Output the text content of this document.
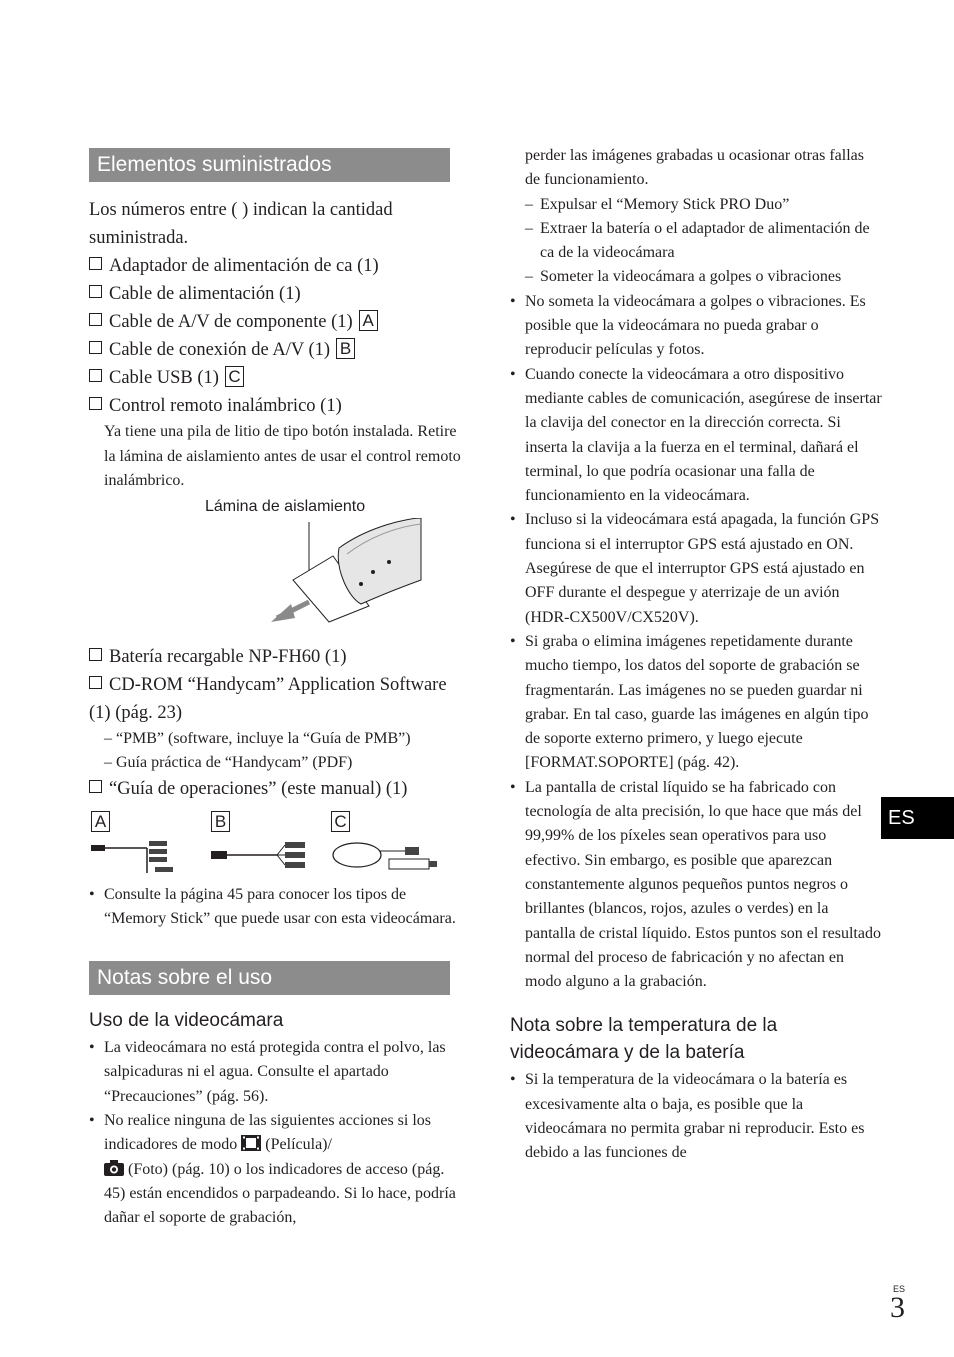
Elementos suministrados
Los números entre ( ) indican la cantidad suministrada.
Adaptador de alimentación de ca (1)
Cable de alimentación (1)
Cable de A/V de componente (1) A
Cable de conexión de A/V (1) B
Cable USB (1) C
Control remoto inalámbrico (1)
Ya tiene una pila de litio de tipo botón instalada. Retire la lámina de aislamiento antes de usar el control remoto inalámbrico.
Lámina de aislamiento
Batería recargable NP-FH60 (1)
CD-ROM “Handycam” Application Software (1) (pág. 23)
– “PMB” (software, incluye la “Guía de PMB”)
– Guía práctica de “Handycam” (PDF)
“Guía de operaciones” (este manual) (1)
A	B	C
• Consulte la página 45 para conocer los tipos de “Memory Stick” que puede usar con esta videocámara.
Notas sobre el uso
Uso de la videocámara
• La videocámara no está protegida contra el polvo, las salpicaduras ni el agua. Consulte el apartado “Precauciones” (pág. 56).
• No realice ninguna de las siguientes acciones si los indicadores de modo (Película)/
(Foto) (pág. 10) o los indicadores de acceso (pág. 45) están encendidos o parpadeando. Si lo hace, podría dañar el soporte de grabación,
perder las imágenes grabadas u ocasionar otras fallas de funcionamiento.
– Expulsar el “Memory Stick PRO Duo”
– Extraer la batería o el adaptador de alimentación de ca de la videocámara
– Someter la videocámara a golpes o vibraciones
• No someta la videocámara a golpes o vibraciones. Es posible que la videocámara no pueda grabar o reproducir películas y fotos.
• Cuando conecte la videocámara a otro dispositivo mediante cables de comunicación, asegúrese de insertar la clavija del conector en la dirección correcta. Si inserta la clavija a la fuerza en el terminal, dañará el terminal, lo que podría ocasionar una falla de funcionamiento en la videocámara.
• Incluso si la videocámara está apagada, la función GPS funciona si el interruptor GPS está ajustado en ON. Asegúrese de que el interruptor GPS está ajustado en OFF durante el despegue y aterrizaje de un avión (HDR-CX500V/CX520V).
• Si graba o elimina imágenes repetidamente durante mucho tiempo, los datos del soporte de grabación se fragmentarán. Las imágenes no se pueden guardar ni grabar. En tal caso, guarde las imágenes en algún tipo de soporte externo primero, y luego ejecute [FORMAT.SOPORTE] (pág. 42).
• La pantalla de cristal líquido se ha fabricado con tecnología de alta precisión, lo que hace que más del 99,99% de los píxeles sean operativos para uso efectivo. Sin embargo, es posible que aparezcan constantemente algunos pequeños puntos negros o brillantes (blancos, rojos, azules o verdes) en la pantalla de cristal líquido. Estos puntos son el resultado normal del proceso de fabricación y no afectan en modo alguno a la grabación.
Nota sobre la temperatura de la videocámara y de la batería
• Si la temperatura de la videocámara o la batería es excesivamente alta o baja, es posible que la videocámara no permita grabar ni reproducir. Esto es debido a las funciones de
ES
ES
3
